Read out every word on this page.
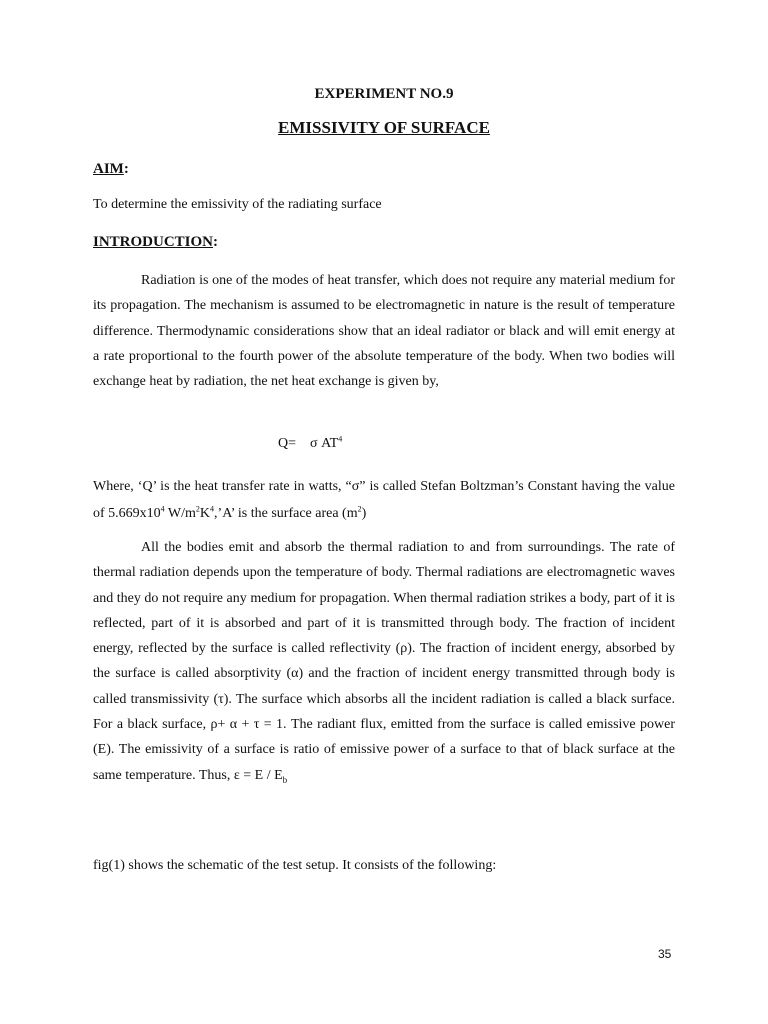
EXPERIMENT NO.9
EMISSIVITY OF SURFACE
AIM:
To determine the emissivity of the radiating surface
INTRODUCTION:

Radiation is one of the modes of heat transfer, which does not require any material medium for its propagation. The mechanism is assumed to be electromagnetic in nature is the result of temperature difference. Thermodynamic considerations show that an ideal radiator or black and will emit energy at a rate proportional to the fourth power of the absolute temperature of the body. When two bodies will exchange heat by radiation, the net heat exchange is given by,

Q= σ $AT^4$
Where, ‘Q’ is the heat transfer rate in watts, “σ” is called Stefan Boltzman’s Constant having the value of $5.669x10^4$ $W/m^2K^4,’A$’ is the surface area $(m^2)$

All the bodies emit and absorb the thermal radiation to and from surroundings. The rate of thermal radiation depends upon the temperature of body. Thermal radiations are electromagnetic waves and they do not require any medium for propagation. When thermal radiation strikes a body, part of it is reflected, part of it is absorbed and part of it is transmitted through body. The fraction of incident energy, reflected by the surface is called reflectivity (ρ). The fraction of incident energy, absorbed by the surface is called absorptivity (α) and the fraction of incident energy transmitted through body is called transmissivity (τ). The surface which absorbs all the incident radiation is called a black surface. For a black surface, ρ+ α + τ = 1. The radiant flux, emitted from the surface is called emissive power (E). The emissivity of a surface is ratio of emissive power of a surface to that of black surface at the same temperature. Thus, $\varepsilon = E / E_b$

fig(1) shows the schematic of the test setup. It consists of the following:
35
